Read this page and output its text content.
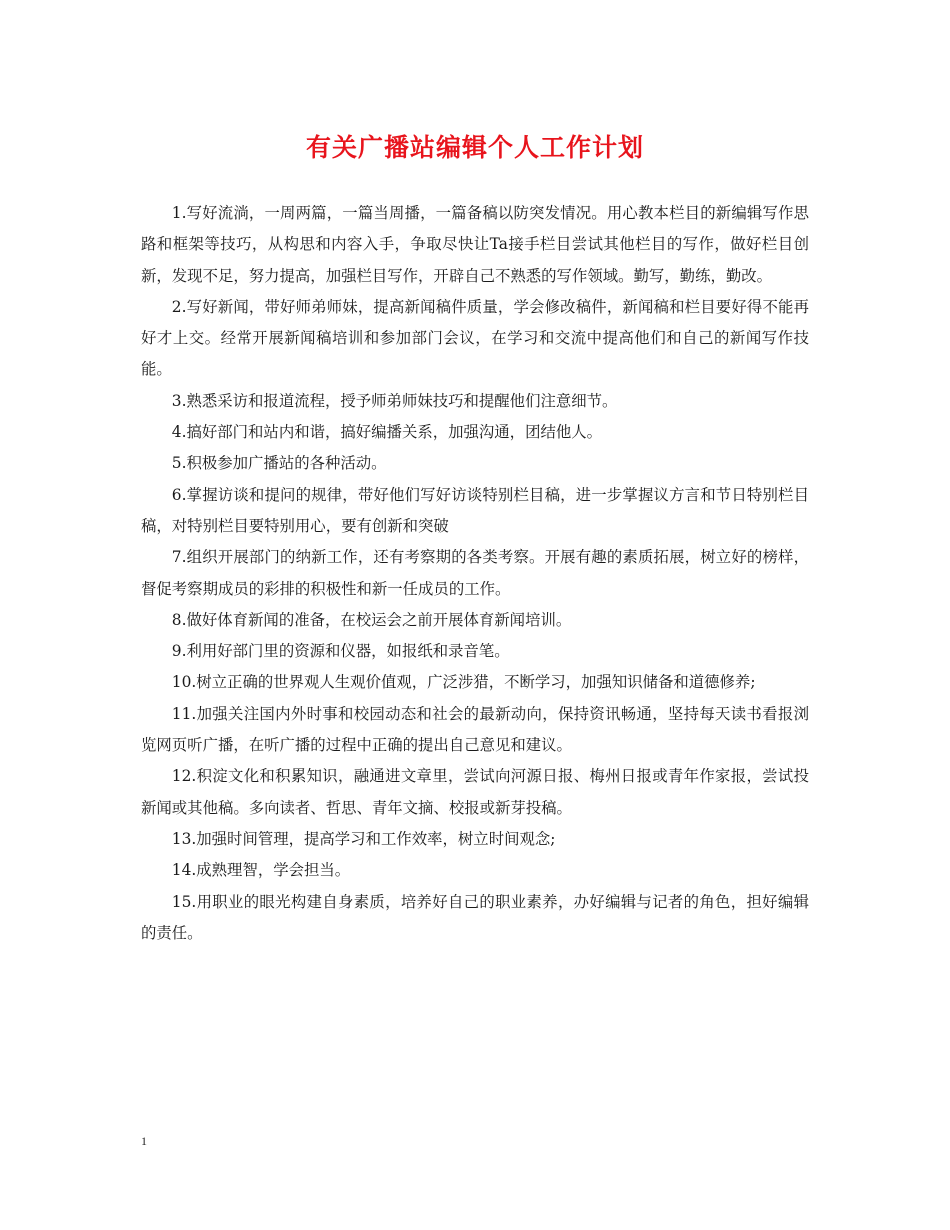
有关广播站编辑个人工作计划

1.写好流淌，一周两篇，一篇当周播，一篇备稿以防突发情况。用心教本栏目的新编辑写作思路和框架等技巧，从构思和内容入手，争取尽快让Ta接手栏目尝试其他栏目的写作，做好栏目创新，发现不足，努力提高，加强栏目写作，开辟自己不熟悉的写作领域。勤写，勤练，勤改。

2.写好新闻，带好师弟师妹，提高新闻稿件质量，学会修改稿件，新闻稿和栏目要好得不能再好才上交。经常开展新闻稿培训和参加部门会议，在学习和交流中提高他们和自己的新闻写作技能。

3.熟悉采访和报道流程，授予师弟师妹技巧和提醒他们注意细节。

4.搞好部门和站内和谐，搞好编播关系，加强沟通，团结他人。

5.积极参加广播站的各种活动。

6.掌握访谈和提问的规律，带好他们写好访谈特别栏目稿，进一步掌握议方言和节日特别栏目稿，对特别栏目要特别用心，要有创新和突破

7.组织开展部门的纳新工作，还有考察期的各类考察。开展有趣的素质拓展，树立好的榜样，督促考察期成员的彩排的积极性和新一任成员的工作。

8.做好体育新闻的准备，在校运会之前开展体育新闻培训。

9.利用好部门里的资源和仪器，如报纸和录音笔。

10.树立正确的世界观人生观价值观，广泛涉猎，不断学习，加强知识储备和道德修养;

11.加强关注国内外时事和校园动态和社会的最新动向，保持资讯畅通，坚持每天读书看报浏览网页听广播，在听广播的过程中正确的提出自己意见和建议。

12.积淀文化和积累知识，融通进文章里，尝试向河源日报、梅州日报或青年作家报，尝试投新闻或其他稿。多向读者、哲思、青年文摘、校报或新芽投稿。

13.加强时间管理，提高学习和工作效率，树立时间观念;

14.成熟理智，学会担当。

15.用职业的眼光构建自身素质，培养好自己的职业素养，办好编辑与记者的角色，担好编辑的责任。

1
